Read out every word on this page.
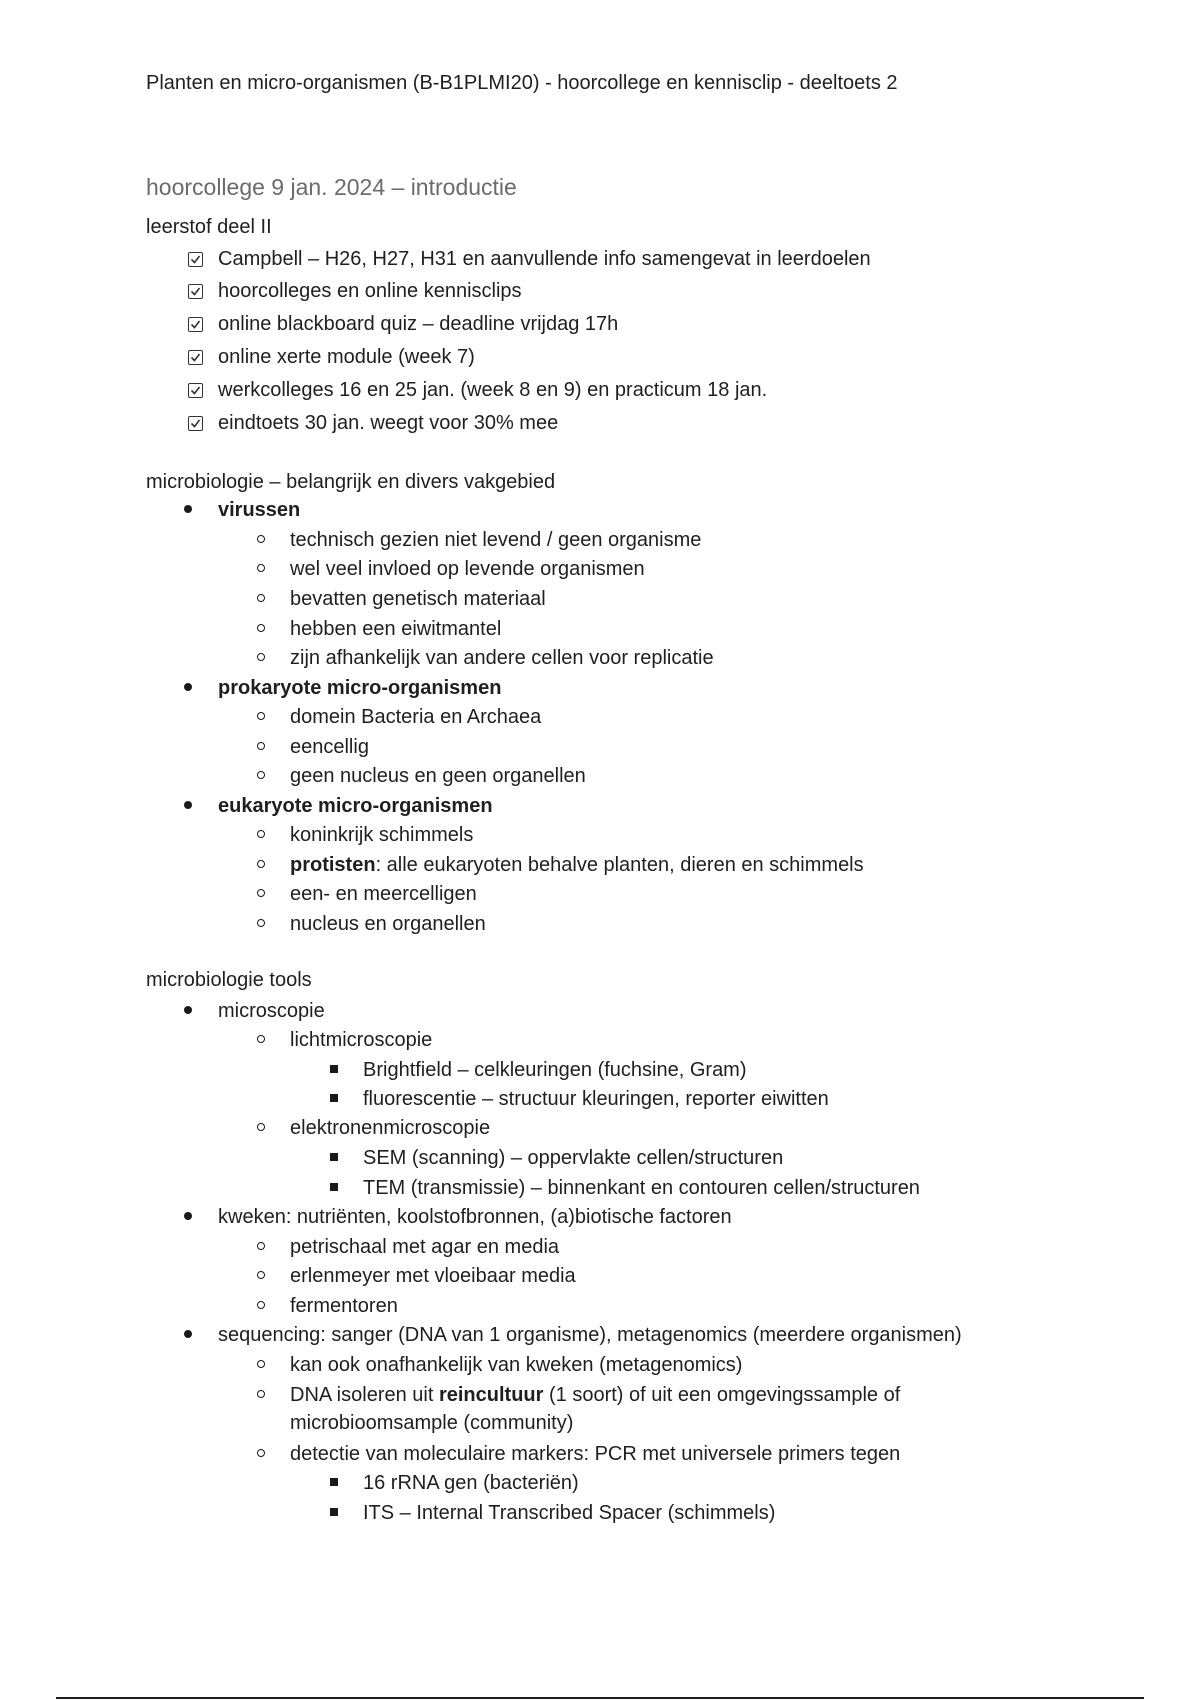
Planten en micro-organismen (B-B1PLMI20) - hoorcollege en kennisclip - deeltoets 2
hoorcollege 9 jan. 2024 – introductie
leerstof deel II
Campbell – H26, H27, H31 en aanvullende info samengevat in leerdoelen
hoorcolleges en online kennisclips
online blackboard quiz – deadline vrijdag 17h
online xerte module (week 7)
werkcolleges 16 en 25 jan. (week 8 en 9) en practicum 18 jan.
eindtoets 30 jan. weegt voor 30% mee
microbiologie – belangrijk en divers vakgebied
virussen
technisch gezien niet levend / geen organisme
wel veel invloed op levende organismen
bevatten genetisch materiaal
hebben een eiwitmantel
zijn afhankelijk van andere cellen voor replicatie
prokaryote micro-organismen
domein Bacteria en Archaea
eencellig
geen nucleus en geen organellen
eukaryote micro-organismen
koninkrijk schimmels
protisten: alle eukaryoten behalve planten, dieren en schimmels
een- en meercelligen
nucleus en organellen
microbiologie tools
microscopie
lichtmicroscopie
Brightfield – celkleuringen (fuchsine, Gram)
fluorescentie – structuur kleuringen, reporter eiwitten
elektronenmicroscopie
SEM (scanning) – oppervlakte cellen/structuren
TEM (transmissie) – binnenkant en contouren cellen/structuren
kweken: nutriënten, koolstofbronnen, (a)biotische factoren
petrischaal met agar en media
erlenmeyer met vloeibaar media
fermentoren
sequencing: sanger (DNA van 1 organisme), metagenomics (meerdere organismen)
kan ook onafhankelijk van kweken (metagenomics)
DNA isoleren uit reincultuur (1 soort) of uit een omgevingssample of
microbioomsample (community)
detectie van moleculaire markers: PCR met universele primers tegen
16 rRNA gen (bacteriën)
ITS – Internal Transcribed Spacer (schimmels)
